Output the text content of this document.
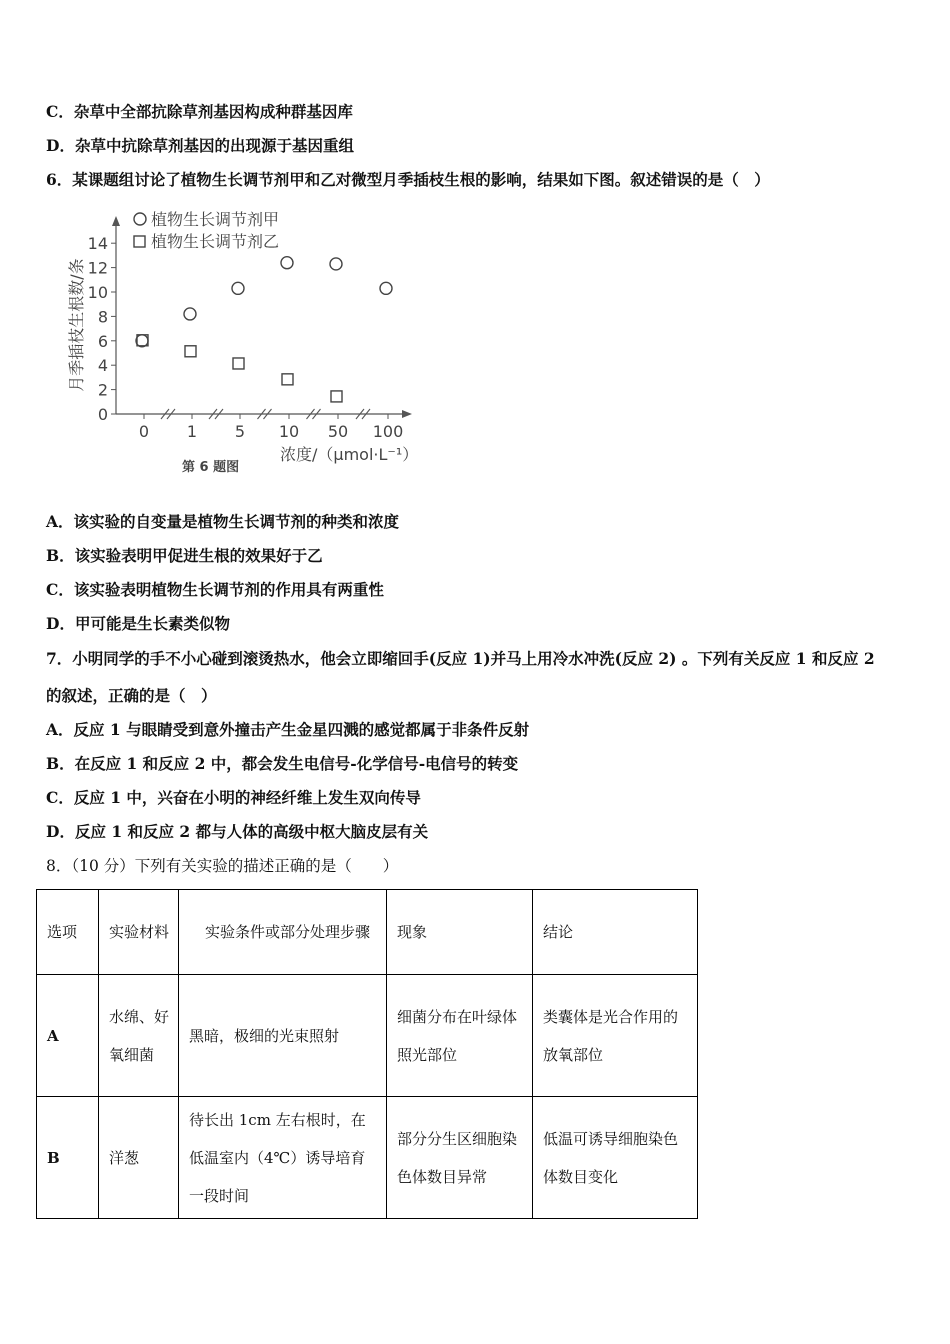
C．杂草中全部抗除草剂基因构成种群基因库
D．杂草中抗除草剂基因的出现源于基因重组
6．某课题组讨论了植物生长调节剂甲和乙对微型月季插枝生根的影响，结果如下图。叙述错误的是（　）
0
2
4
6
8
10
12
14
0 1 5 10 50 100
月季插枝生根数/条
浓度/（μmol·L⁻¹）
第 6 题图
植物生长调节剂甲
植物生长调节剂乙
A．该实验的自变量是植物生长调节剂的种类和浓度
B．该实验表明甲促进生根的效果好于乙
C．该实验表明植物生长调节剂的作用具有两重性
D．甲可能是生长素类似物
7．小明同学的手不小心碰到滚烫热水，他会立即缩回手(反应 1)并马上用冷水冲洗(反应 2) 。下列有关反应 1 和反应 2
的叙述，正确的是（　）
A．反应 1 与眼睛受到意外撞击产生金星四溅的感觉都属于非条件反射
B．在反应 1 和反应 2 中，都会发生电信号-化学信号-电信号的转变
C．反应 1 中，兴奋在小明的神经纤维上发生双向传导
D．反应 1 和反应 2 都与人体的高级中枢大脑皮层有关
8．（10 分）下列有关实验的描述正确的是（　　）
选项	实验材料	实验条件或部分处理步骤	现象	结论
A	水绵、好氧细菌	黑暗，极细的光束照射	细菌分布在叶绿体照光部位	类囊体是光合作用的放氧部位
B	洋葱	待长出 1cm 左右根时，在低温室内（4℃）诱导培育一段时间	部分分生区细胞染色体数目异常	低温可诱导细胞染色体数目变化
